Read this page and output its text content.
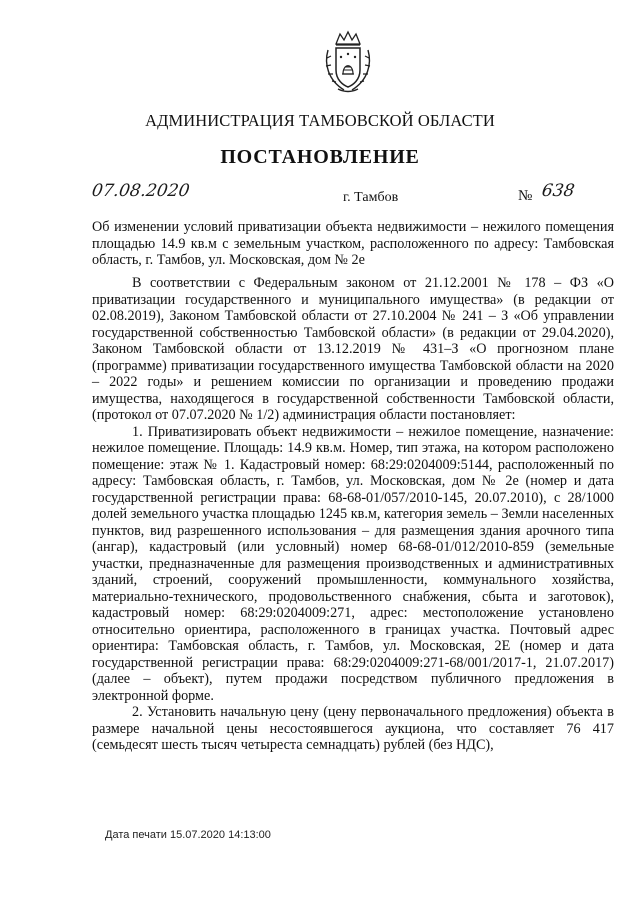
АДМИНИСТРАЦИЯ ТАМБОВСКОЙ ОБЛАСТИ
ПОСТАНОВЛЕНИЕ
07.08.2020	г. Тамбов	№ 638
Об изменении условий приватизации объекта недвижимости – нежилого помещения площадью 14.9 кв.м с земельным участком, расположенного по адресу: Тамбовская область, г. Тамбов, ул. Московская, дом № 2е

В соответствии с Федеральным законом от 21.12.2001 № 178 – ФЗ «О приватизации государственного и муниципального имущества» (в редакции от 02.08.2019), Законом Тамбовской области от 27.10.2004 № 241 – З «Об управлении государственной собственностью Тамбовской области» (в редакции от 29.04.2020), Законом Тамбовской области от 13.12.2019 № 431–З «О прогнозном плане (программе) приватизации государственного имущества Тамбовской области на 2020 – 2022 годы» и решением комиссии по организации и проведению продажи имущества, находящегося в государственной собственности Тамбовской области, (протокол от 07.07.2020 № 1/2) администрация области постановляет:

1. Приватизировать объект недвижимости – нежилое помещение, назначение: нежилое помещение. Площадь: 14.9 кв.м. Номер, тип этажа, на котором расположено помещение: этаж № 1. Кадастровый номер: 68:29:0204009:5144, расположенный по адресу: Тамбовская область, г. Тамбов, ул. Московская, дом № 2е (номер и дата государственной регистрации права: 68-68-01/057/2010-145, 20.07.2010), с 28/1000 долей земельного участка площадью 1245 кв.м, категория земель – Земли населенных пунктов, вид разрешенного использования – для размещения здания арочного типа (ангар), кадастровый (или условный) номер 68-68-01/012/2010-859 (земельные участки, предназначенные для размещения производственных и административных зданий, строений, сооружений промышленности, коммунального хозяйства, материально-технического, продовольственного снабжения, сбыта и заготовок), кадастровый номер: 68:29:0204009:271, адрес: местоположение установлено относительно ориентира, расположенного в границах участка. Почтовый адрес ориентира: Тамбовская область, г. Тамбов, ул. Московская, 2Е (номер и дата государственной регистрации права: 68:29:0204009:271-68/001/2017-1, 21.07.2017) (далее – объект), путем продажи посредством публичного предложения в электронной форме.

2. Установить начальную цену (цену первоначального предложения) объекта в размере начальной цены несостоявшегося аукциона, что составляет 76 417 (семьдесят шесть тысяч четыреста семнадцать) рублей (без НДС),

Дата печати 15.07.2020 14:13:00
